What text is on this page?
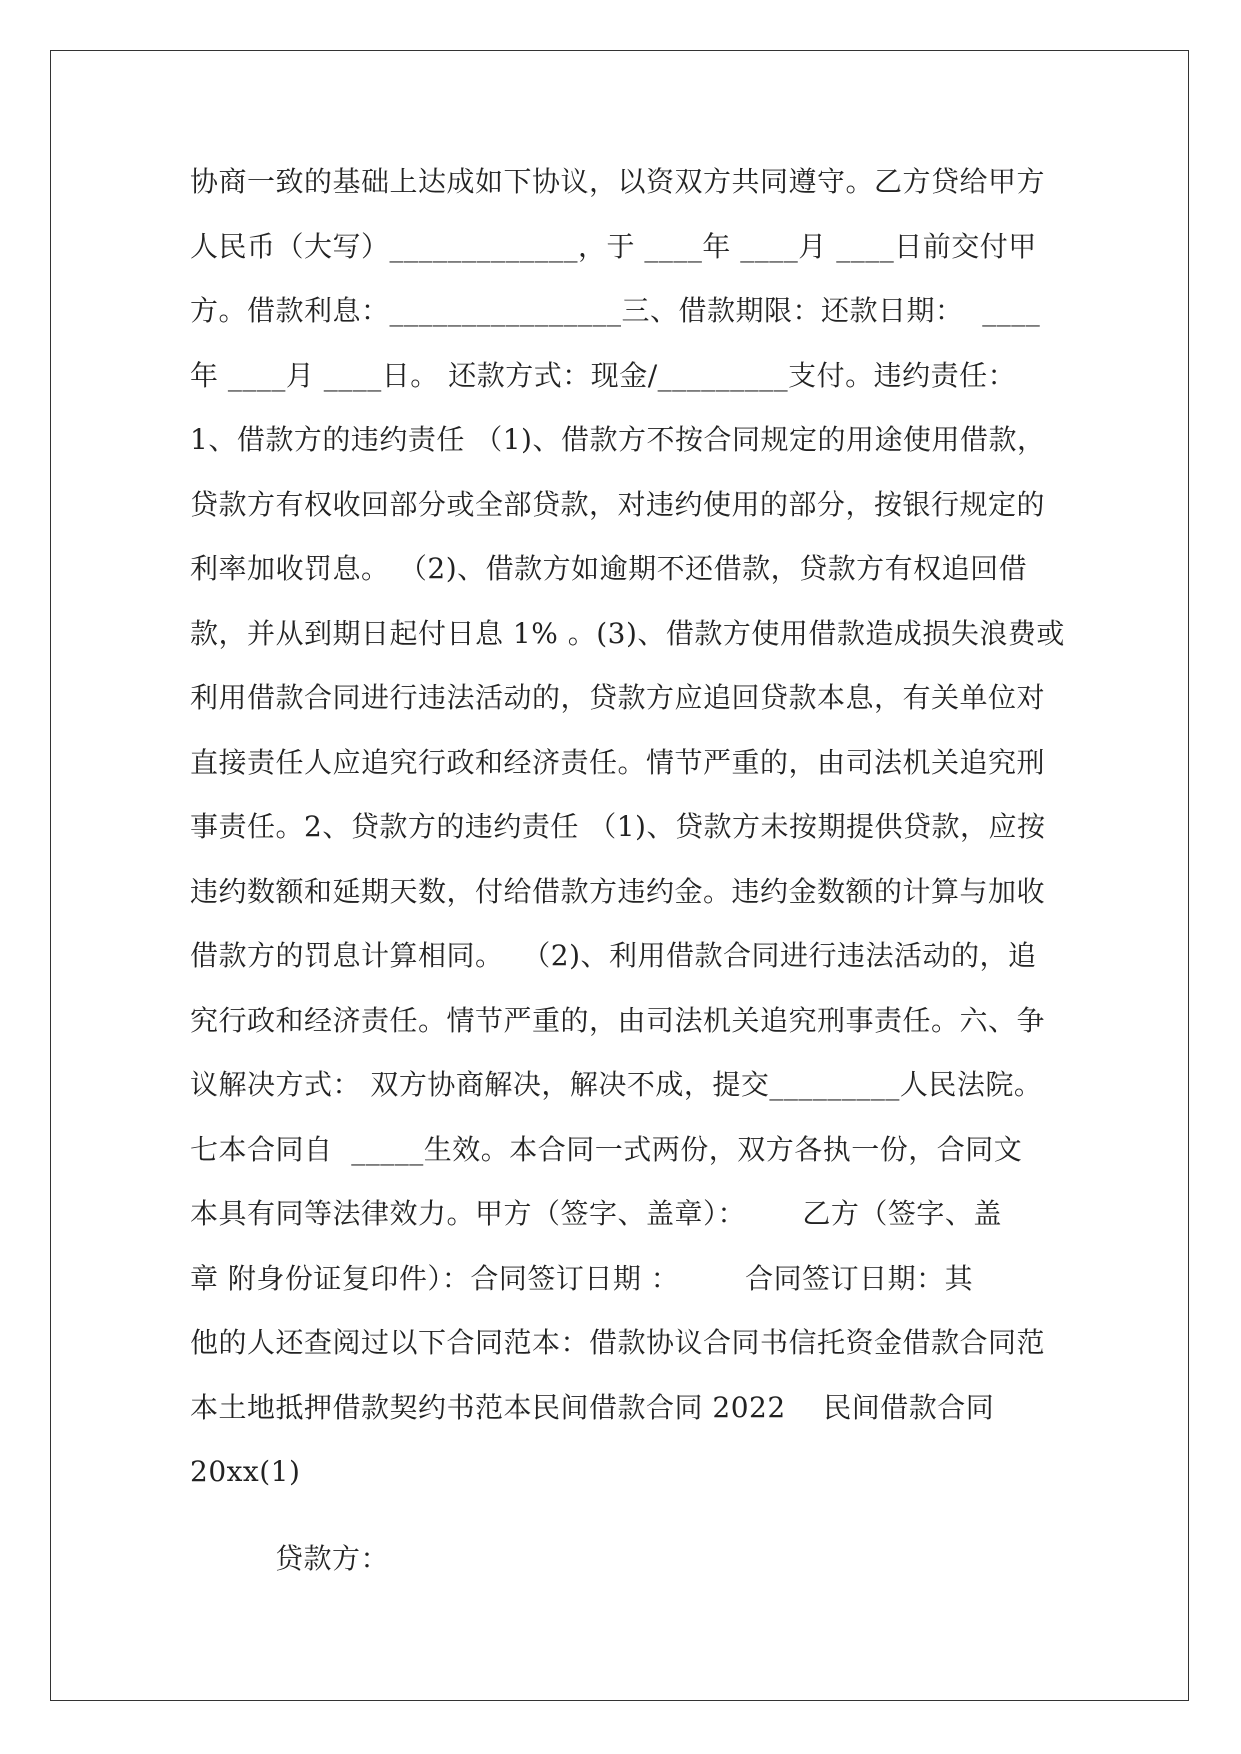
协商一致的基础上达成如下协议，以资双方共同遵守。乙方贷给甲方
人民币（大写）_____________，于 ____年 ____月 ____日前交付甲
方。借款利息：________________三、借款期限：还款日期：  ____
年 ____月 ____日。 还款方式：现金/_________支付。违约责任：
1、借款方的违约责任 （1)、借款方不按合同规定的用途使用借款，
贷款方有权收回部分或全部贷款，对违约使用的部分，按银行规定的
利率加收罚息。 （2)、借款方如逾期不还借款，贷款方有权追回借
款，并从到期日起付日息 1% 。(3)、借款方使用借款造成损失浪费或
利用借款合同进行违法活动的，贷款方应追回贷款本息，有关单位对
直接责任人应追究行政和经济责任。情节严重的，由司法机关追究刑
事责任。2、贷款方的违约责任 （1)、贷款方未按期提供贷款，应按
违约数额和延期天数，付给借款方违约金。违约金数额的计算与加收
借款方的罚息计算相同。  （2)、利用借款合同进行违法活动的，追
究行政和经济责任。情节严重的，由司法机关追究刑事责任。六、争
议解决方式： 双方协商解决，解决不成，提交_________人民法院。
七本合同自  _____生效。本合同一式两份，双方各执一份，合同文
本具有同等法律效力。甲方（签字、盖章）：      乙方（签字、盖
章 附身份证复印件）：合同签订日期 ：       合同签订日期：其
他的人还查阅过以下合同范本：借款协议合同书信托资金借款合同范
本土地抵押借款契约书范本民间借款合同 2022    民间借款合同
20xx(1)
贷款方：
